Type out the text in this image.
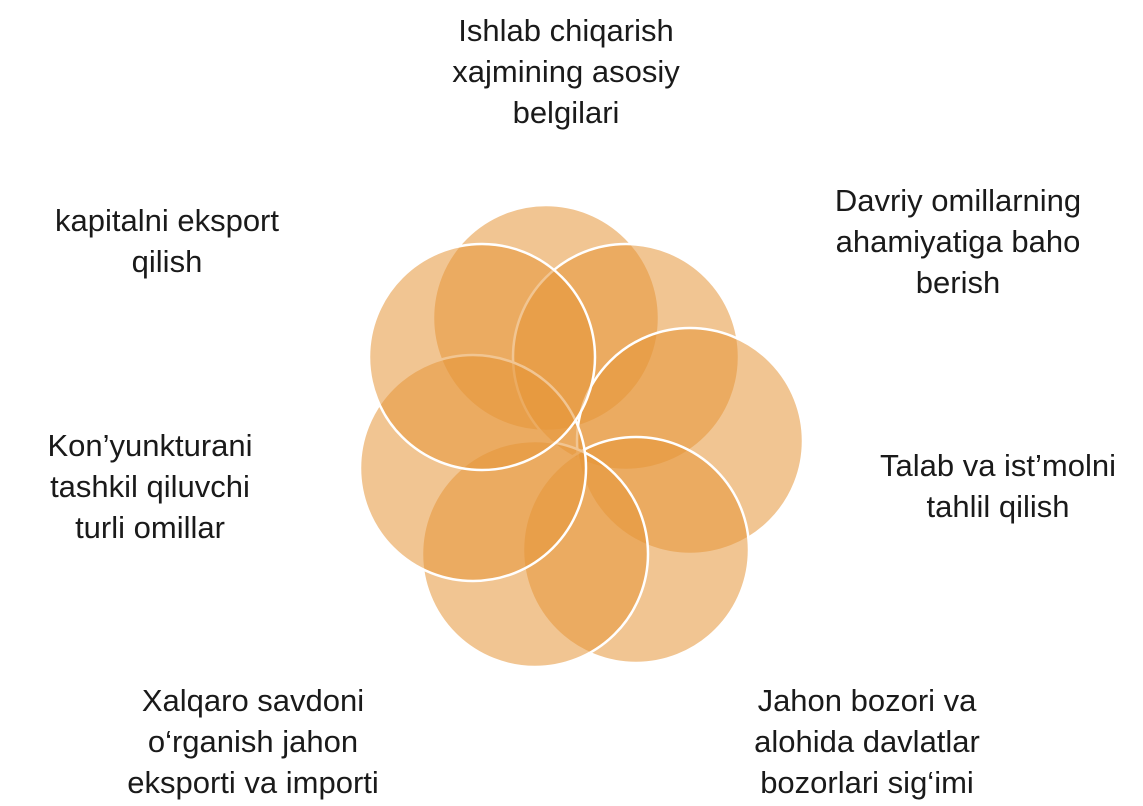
Ishlab chiqarish
xajmining asosiy
belgilari
Davriy omillarning
ahamiyatiga baho
berish
Talab va ist’molni
tahlil qilish
Jahon bozori va
alohida davlatlar
bozorlari sig‘imi
Xalqaro savdoni
o‘rganish jahon
eksporti va importi
Kon’yunkturani
tashkil qiluvchi
turli omillar
kapitalni eksport
qilish
